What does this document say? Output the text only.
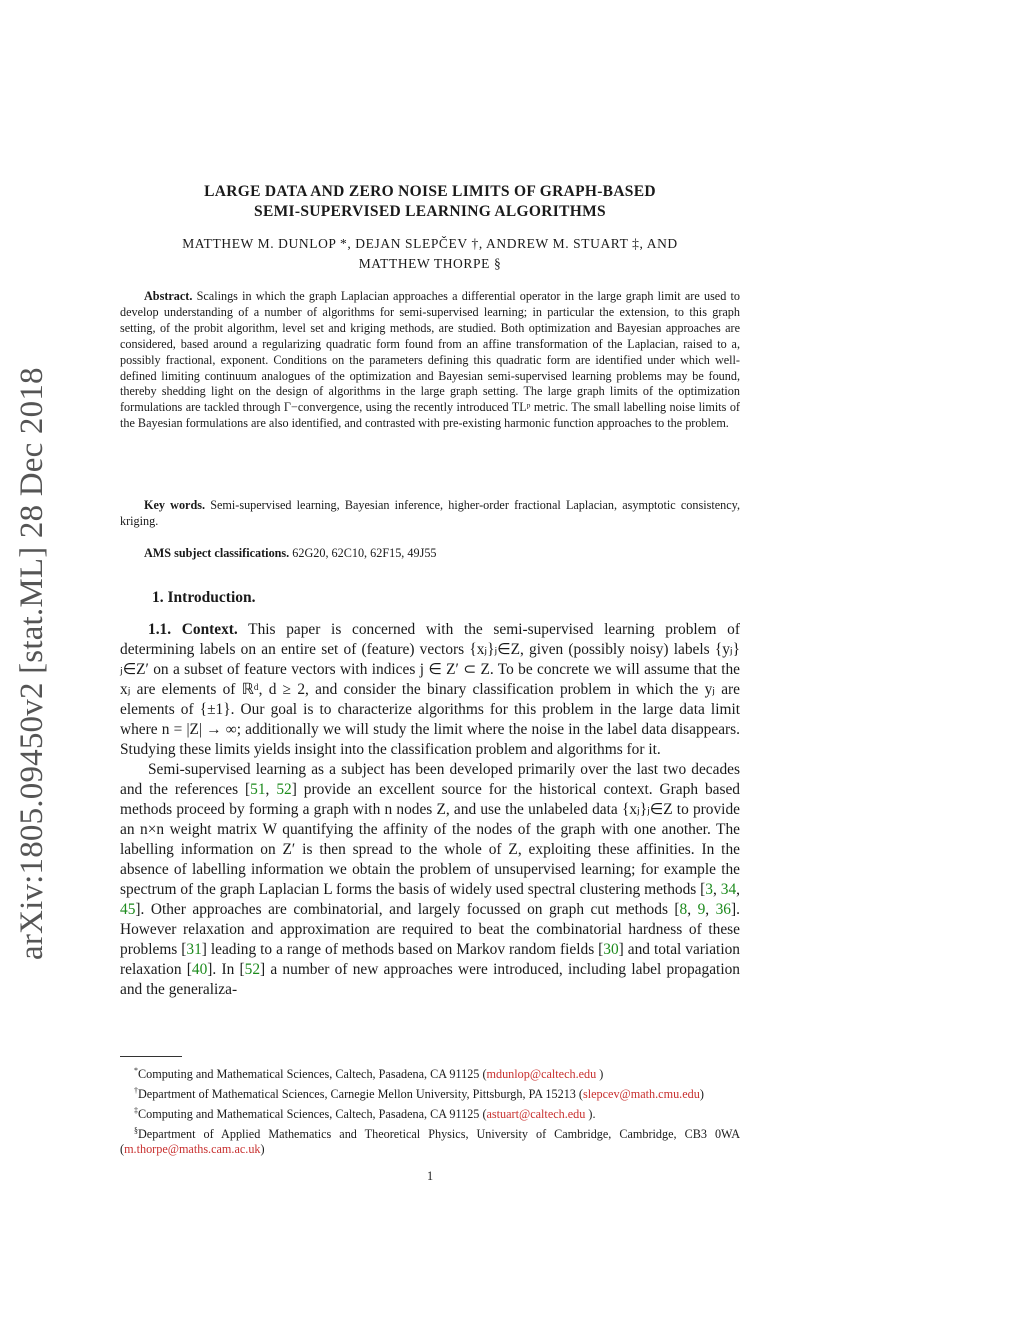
arXiv:1805.09450v2 [stat.ML] 28 Dec 2018
LARGE DATA AND ZERO NOISE LIMITS OF GRAPH-BASED
SEMI-SUPERVISED LEARNING ALGORITHMS
MATTHEW M. DUNLOP *, DEJAN SLEPČEV †, ANDREW M. STUART ‡, AND
MATTHEW THORPE §
Abstract. Scalings in which the graph Laplacian approaches a differential operator in the large graph limit are used to develop understanding of a number of algorithms for semi-supervised learning; in particular the extension, to this graph setting, of the probit algorithm, level set and kriging methods, are studied. Both optimization and Bayesian approaches are considered, based around a regularizing quadratic form found from an affine transformation of the Laplacian, raised to a, possibly fractional, exponent. Conditions on the parameters defining this quadratic form are identified under which well-defined limiting continuum analogues of the optimization and Bayesian semi-supervised learning problems may be found, thereby shedding light on the design of algorithms in the large graph setting. The large graph limits of the optimization formulations are tackled through Γ−convergence, using the recently introduced TLᵖ metric. The small labelling noise limits of the Bayesian formulations are also identified, and contrasted with pre-existing harmonic function approaches to the problem.
Key words. Semi-supervised learning, Bayesian inference, higher-order fractional Laplacian, asymptotic consistency, kriging.
AMS subject classifications. 62G20, 62C10, 62F15, 49J55
1. Introduction.

1.1. Context. This paper is concerned with the semi-supervised learning problem of determining labels on an entire set of (feature) vectors {xⱼ}ⱼ∈Z, given (possibly noisy) labels {yⱼ}ⱼ∈Z′ on a subset of feature vectors with indices j ∈ Z′ ⊂ Z. To be concrete we will assume that the xⱼ are elements of ℝᵈ, d ≥ 2, and consider the binary classification problem in which the yⱼ are elements of {±1}. Our goal is to characterize algorithms for this problem in the large data limit where n = |Z| → ∞; additionally we will study the limit where the noise in the label data disappears. Studying these limits yields insight into the classification problem and algorithms for it.

Semi-supervised learning as a subject has been developed primarily over the last two decades and the references [51, 52] provide an excellent source for the historical context. Graph based methods proceed by forming a graph with n nodes Z, and use the unlabeled data {xⱼ}ⱼ∈Z to provide an n×n weight matrix W quantifying the affinity of the nodes of the graph with one another. The labelling information on Z′ is then spread to the whole of Z, exploiting these affinities. In the absence of labelling information we obtain the problem of unsupervised learning; for example the spectrum of the graph Laplacian L forms the basis of widely used spectral clustering methods [3, 34, 45]. Other approaches are combinatorial, and largely focussed on graph cut methods [8, 9, 36]. However relaxation and approximation are required to beat the combinatorial hardness of these problems [31] leading to a range of methods based on Markov random fields [30] and total variation relaxation [40]. In [52] a number of new approaches were introduced, including label propagation and the generaliza-

*Computing and Mathematical Sciences, Caltech, Pasadena, CA 91125 (mdunlop@caltech.edu )

†Department of Mathematical Sciences, Carnegie Mellon University, Pittsburgh, PA 15213 (slepcev@math.cmu.edu)

‡Computing and Mathematical Sciences, Caltech, Pasadena, CA 91125 (astuart@caltech.edu ).

§Department of Applied Mathematics and Theoretical Physics, University of Cambridge, Cambridge, CB3 0WA (m.thorpe@maths.cam.ac.uk)

1
